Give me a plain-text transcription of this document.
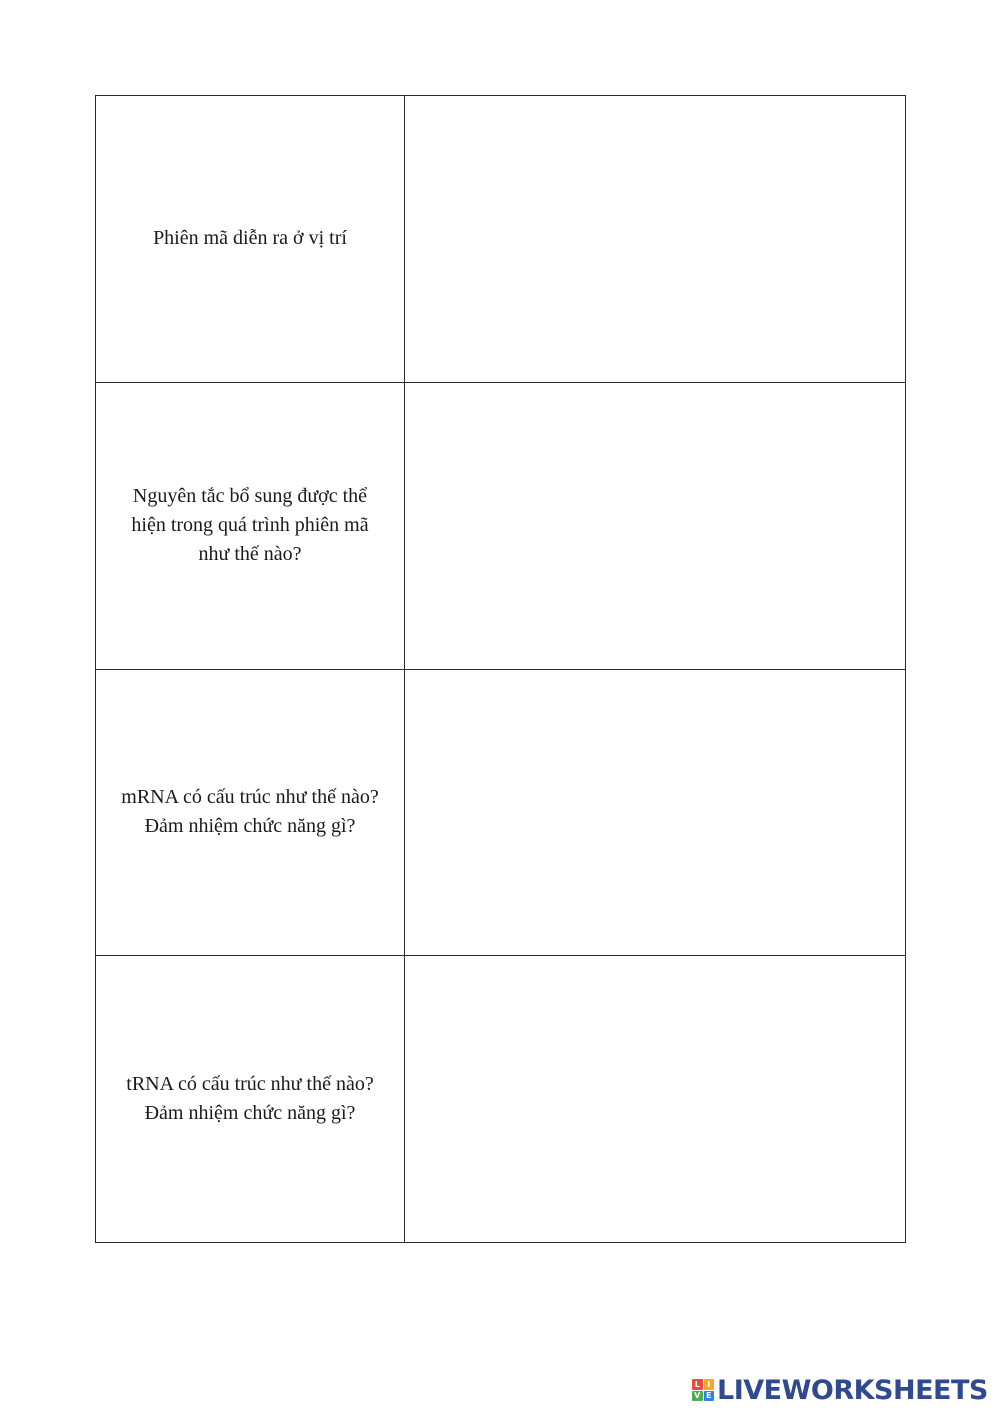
Phiên mã diễn ra ở vị trí	

Nguyên tắc bổ sung được thể
hiện trong quá trình phiên mã
như thế nào?	

mRNA có cấu trúc như thế nào?
Đảm nhiệm chức năng gì?	

tRNA có cấu trúc như thế nào?
Đảm nhiệm chức năng gì?	

L I
V E LIVEWORKSHEETS
